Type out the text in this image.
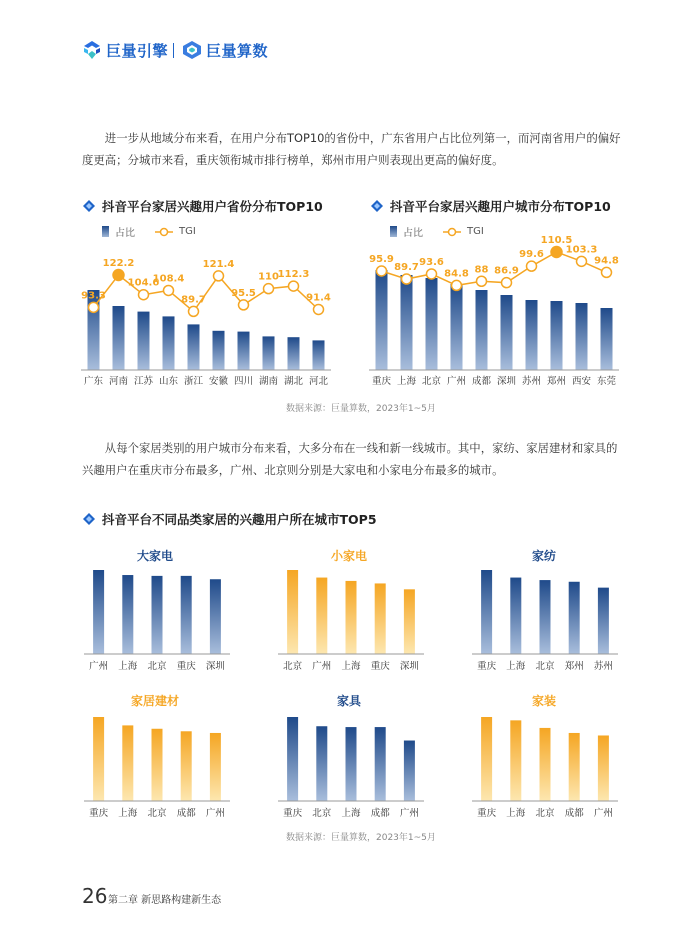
巨量引擎	巨量算数

进一步从地域分布来看，在用户分布TOP10的省份中，广东省用户占比位列第一，而河南省用户的偏好度更高；分城市来看，重庆领衔城市排行榜单，郑州市用户则表现出更高的偏好度。

抖音平台家居兴趣用户省份分布TOP10
占比	TGI
广东 河南 江苏 山东 浙江 安徽 四川 湖南 湖北 河北
93.3
122.2
104.6
108.4
89.7
121.4
95.5
110
112.3
91.4
抖音平台家居兴趣用户城市分布TOP10
占比	TGI
重庆 上海 北京 广州 成都 深圳 苏州 郑州 西安 东莞
95.9
89.7 93.6
84.8 88 86.9
99.6
110.5
103.3
94.8
数据来源：巨量算数，2023年1~5月

从每个家居类别的用户城市分布来看，大多分布在一线和新一线城市。其中，家纺、家居建材和家具的兴趣用户在重庆市分布最多，广州、北京则分别是大家电和小家电分布最多的城市。

抖音平台不同品类家居的兴趣用户所在城市TOP5
大家电	小家电	家纺
家居建材	家具	家装
广州 上海 北京 重庆 深圳	北京 广州 上海 重庆 深圳	重庆 上海 北京 郑州 苏州
重庆 上海 北京 成都 广州	重庆 北京 上海 成都 广州	重庆 上海 北京 成都 广州
数据来源：巨量算数，2023年1~5月
26 第二章 新思路构建新生态
